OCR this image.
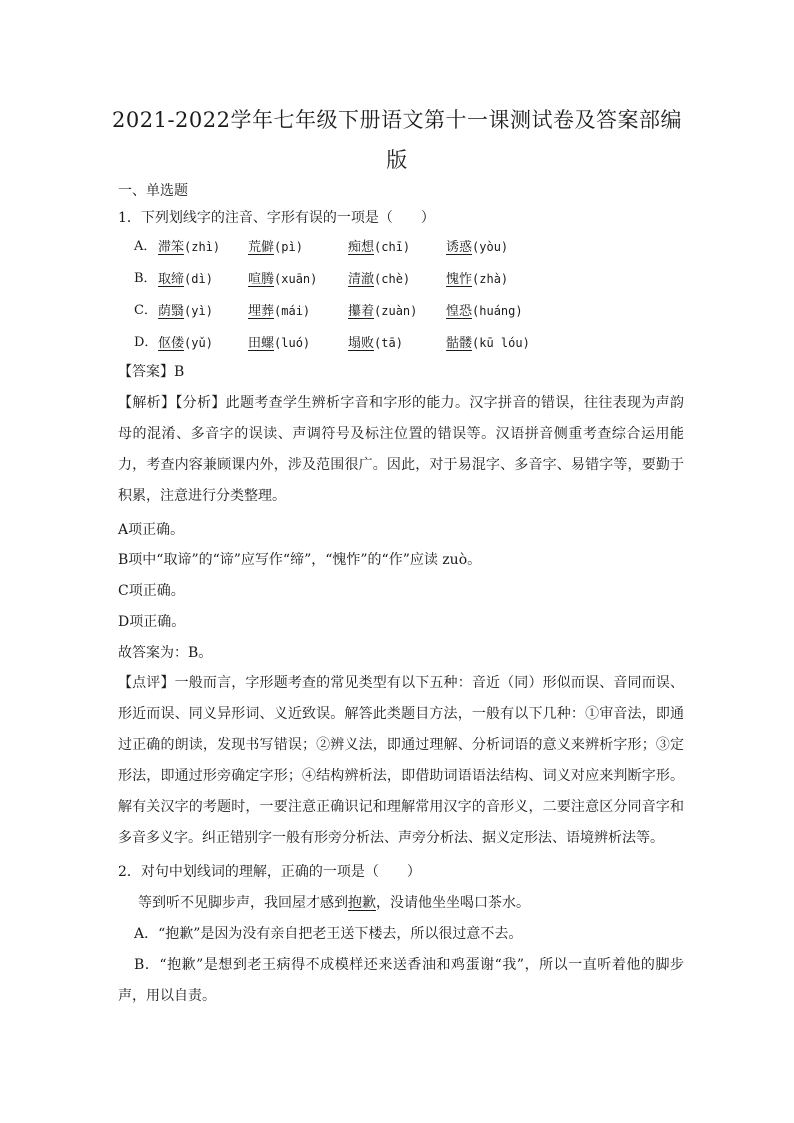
2021-2022学年七年级下册语文第十一课测试卷及答案部编
版
一、单选题
1．下列划线字的注音、字形有误的一项是（　　）
A． 滞笨(zhì) 荒僻(pì)	痴想(chī)	诱惑(yòu)
B． 取缔(dì)	喧腾(xuān) 清澈(chè)	愧怍(zhà)
C． 荫翳(yì)	埋葬(mái)	攥着(zuàn) 惶恐(huáng)
D． 伛偻(yǔ)	田螺(luó)	塌败(tā)	骷髅(kū lóu)
【答案】B
【解析】【分析】此题考查学生辨析字音和字形的能力。汉字拼音的错误，往往表现为声韵母的混淆、多音字的误读、声调符号及标注位置的错误等。汉语拼音侧重考查综合运用能力，考查内容兼顾课内外，涉及范围很广。因此，对于易混字、多音字、易错字等，要勤于积累，注意进行分类整理。
A项正确。
B项中“取谛”的“谛”应写作“缔”，“愧怍”的“作”应读 zuò。
C项正确。
D项正确。
故答案为：B。
【点评】一般而言，字形题考查的常见类型有以下五种：音近（同）形似而误、音同而误、形近而误、同义异形词、义近致误。解答此类题目方法，一般有以下几种：①审音法，即通过正确的朗读，发现书写错误；②辨义法，即通过理解、分析词语的意义来辨析字形；③定形法，即通过形旁确定字形；④结构辨析法，即借助词语语法结构、词义对应来判断字形。解有关汉字的考题时，一要注意正确识记和理解常用汉字的音形义，二要注意区分同音字和多音多义字。纠正错别字一般有形旁分析法、声旁分析法、据义定形法、语境辨析法等。
2．对句中划线词的理解，正确的一项是（　　）
等到听不见脚步声，我回屋才感到抱歉，没请他坐坐喝口茶水。
A．“抱歉”是因为没有亲自把老王送下楼去，所以很过意不去。
B．“抱歉”是想到老王病得不成模样还来送香油和鸡蛋谢“我”，所以一直听着他的脚步声，用以自责。
